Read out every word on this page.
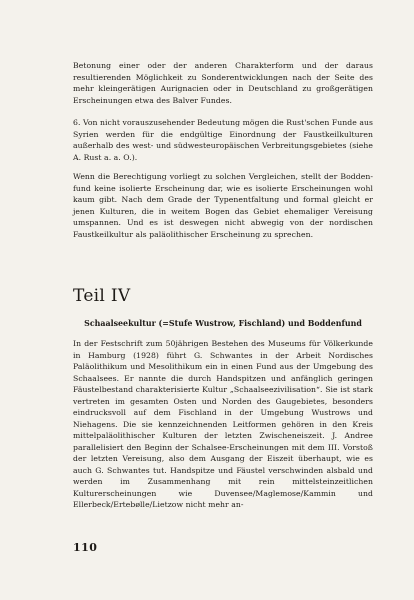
Betonung einer oder der anderen Charakterform und der daraus resultierenden Möglichkeit zu Sonderentwicklungen nach der Seite des mehr kleingerätigen Aurignacien oder in Deutschland zu großgerätigen Erscheinungen etwa des Balver Fundes.

6. Von nicht vorauszusehender Bedeutung mögen die Rust'schen Funde aus Syrien werden für die endgültige Einordnung der Faustkeilkulturen außerhalb des west- und südwesteuropäischen Verbreitungsgebietes (siehe A. Rust a. a. O.).

Wenn die Berechtigung vorliegt zu solchen Vergleichen, stellt der Bodden-fund keine isolierte Erscheinung dar, wie es isolierte Erscheinungen wohl kaum gibt. Nach dem Grade der Typenentfaltung und formal gleicht er jenen Kulturen, die in weitem Bogen das Gebiet ehemaliger Vereisung umspannen. Und es ist deswegen nicht abwegig von der nordischen Faustkeilkultur als paläolithischer Erscheinung zu sprechen.

Teil IV

Schaalseekultur (=Stufe Wustrow, Fischland) und Boddenfund

In der Festschrift zum 50jährigen Bestehen des Museums für Völkerkunde in Hamburg (1928) führt G. Schwantes in der Arbeit Nordisches Paläolithikum und Mesolithikum ein in einen Fund aus der Umgebung des Schaalsees. Er nannte die durch Handspitzen und anfänglich geringen Fäustelbestand charakterisierte Kultur „Schaalseezivilisation“. Sie ist stark vertreten im gesamten Osten und Norden des Gaugebietes, besonders eindrucksvoll auf dem Fischland in der Umgebung Wustrows und Niehagens. Die sie kennzeichnenden Leitformen gehören in den Kreis mittelpaläolithischer Kulturen der letzten Zwischeneiszeit. J. Andree parallelisiert den Beginn der Schalsee-Erscheinungen mit dem III. Vorstoß der letzten Vereisung, also dem Ausgang der Eiszeit überhaupt, wie es auch G. Schwantes tut. Handspitze und Fäustel verschwinden alsbald und werden im Zusammenhang mit rein mittelsteinzeitlichen Kulturerscheinungen wie Duvensee/Maglemose/Kammin und Ellerbeck/Ertebølle/Lietzow nicht mehr an-

110
